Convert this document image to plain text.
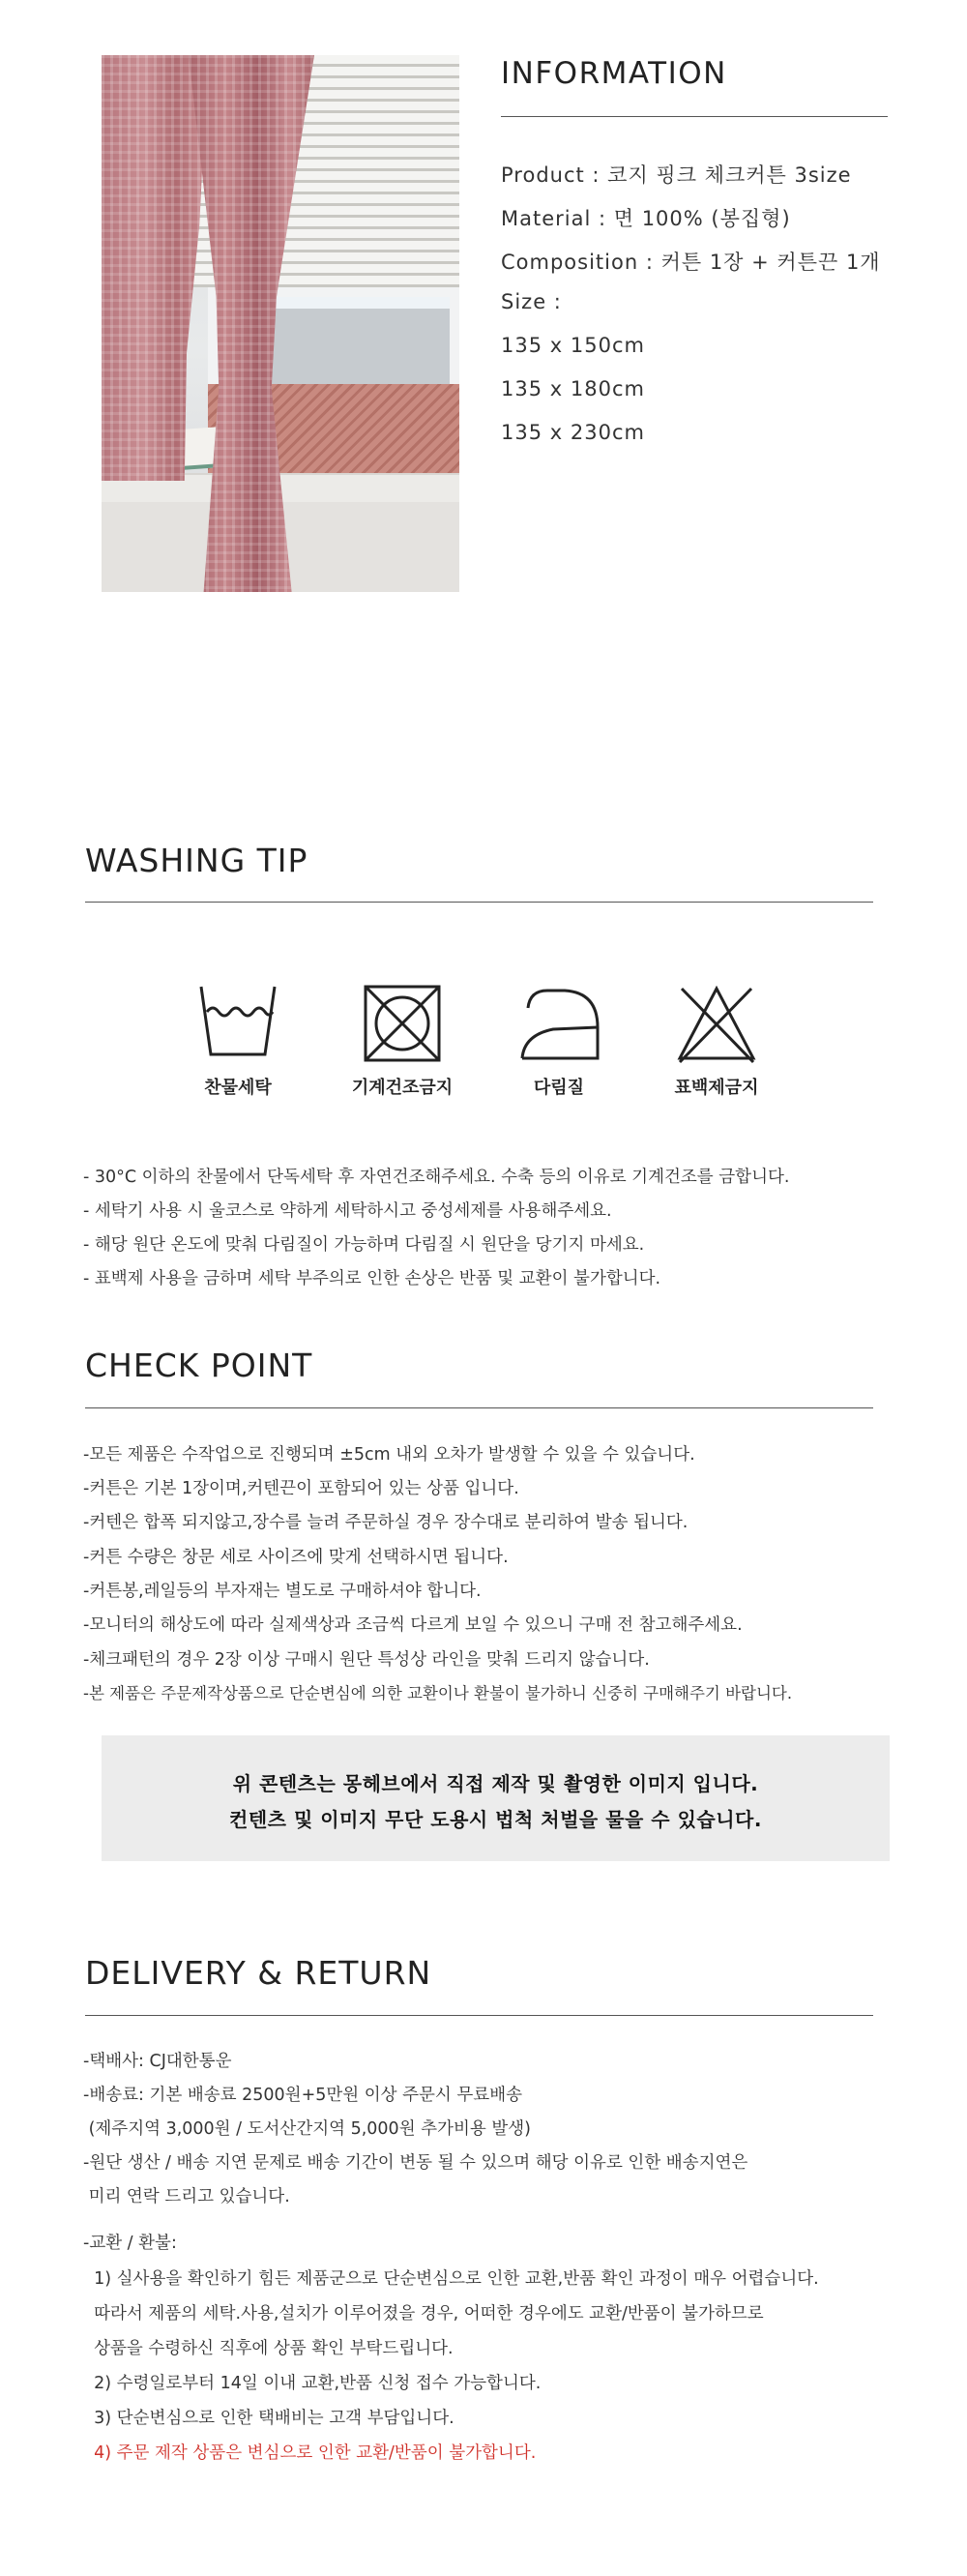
INFORMATION
Product : 코지 핑크 체크커튼 3size
Material : 면 100% (봉집형)
Composition : 커튼 1장 + 커튼끈 1개
Size :
135 x 150cm
135 x 180cm
135 x 230cm
WASHING TIP
찬물세탁	기계건조금지	다림질	표백제금지
- 30°C 이하의 찬물에서 단독세탁 후 자연건조해주세요. 수축 등의 이유로 기계건조를 금합니다.
- 세탁기 사용 시 울코스로 약하게 세탁하시고 중성세제를 사용해주세요.
- 해당 원단 온도에 맞춰 다림질이 가능하며 다림질 시 원단을 당기지 마세요.
- 표백제 사용을 금하며 세탁 부주의로 인한 손상은 반품 및 교환이 불가합니다.
CHECK POINT
-모든 제품은 수작업으로 진행되며 ±5cm 내외 오차가 발생할 수 있을 수 있습니다.
-커튼은 기본 1장이며,커텐끈이 포함되어 있는 상품 입니다.
-커텐은 합폭 되지않고,장수를 늘려 주문하실 경우 장수대로 분리하여 발송 됩니다.
-커튼 수량은 창문 세로 사이즈에 맞게 선택하시면 됩니다.
-커튼봉,레일등의 부자재는 별도로 구매하셔야 합니다.
-모니터의 해상도에 따라 실제색상과 조금씩 다르게 보일 수 있으니 구매 전 참고해주세요.
-체크패턴의 경우 2장 이상 구매시 원단 특성상 라인을 맞춰 드리지 않습니다.
-본 제품은 주문제작상품으로 단순변심에 의한 교환이나 환불이 불가하니 신중히 구매해주기 바랍니다.
위 콘텐츠는 몽헤브에서 직접 제작 및 촬영한 이미지 입니다.
컨텐츠 및 이미지 무단 도용시 법척 처벌을 물을 수 있습니다.
DELIVERY & RETURN
-택배사: CJ대한통운
-배송료: 기본 배송료 2500원+5만원 이상 주문시 무료배송
(제주지역 3,000원 / 도서산간지역 5,000원 추가비용 발생)
-원단 생산 / 배송 지연 문제로 배송 기간이 변동 될 수 있으며 해당 이유로 인한 배송지연은
미리 연락 드리고 있습니다.
-교환 / 환불:
1) 실사용을 확인하기 힘든 제품군으로 단순변심으로 인한 교환,반품 확인 과정이 매우 어렵습니다.
따라서 제품의 세탁.사용,설치가 이루어졌을 경우, 어떠한 경우에도 교환/반품이 불가하므로
상품을 수령하신 직후에 상품 확인 부탁드립니다.
2) 수령일로부터 14일 이내 교환,반품 신청 접수 가능합니다.
3) 단순변심으로 인한 택배비는 고객 부담입니다.
4) 주문 제작 상품은 변심으로 인한 교환/반품이 불가합니다.
